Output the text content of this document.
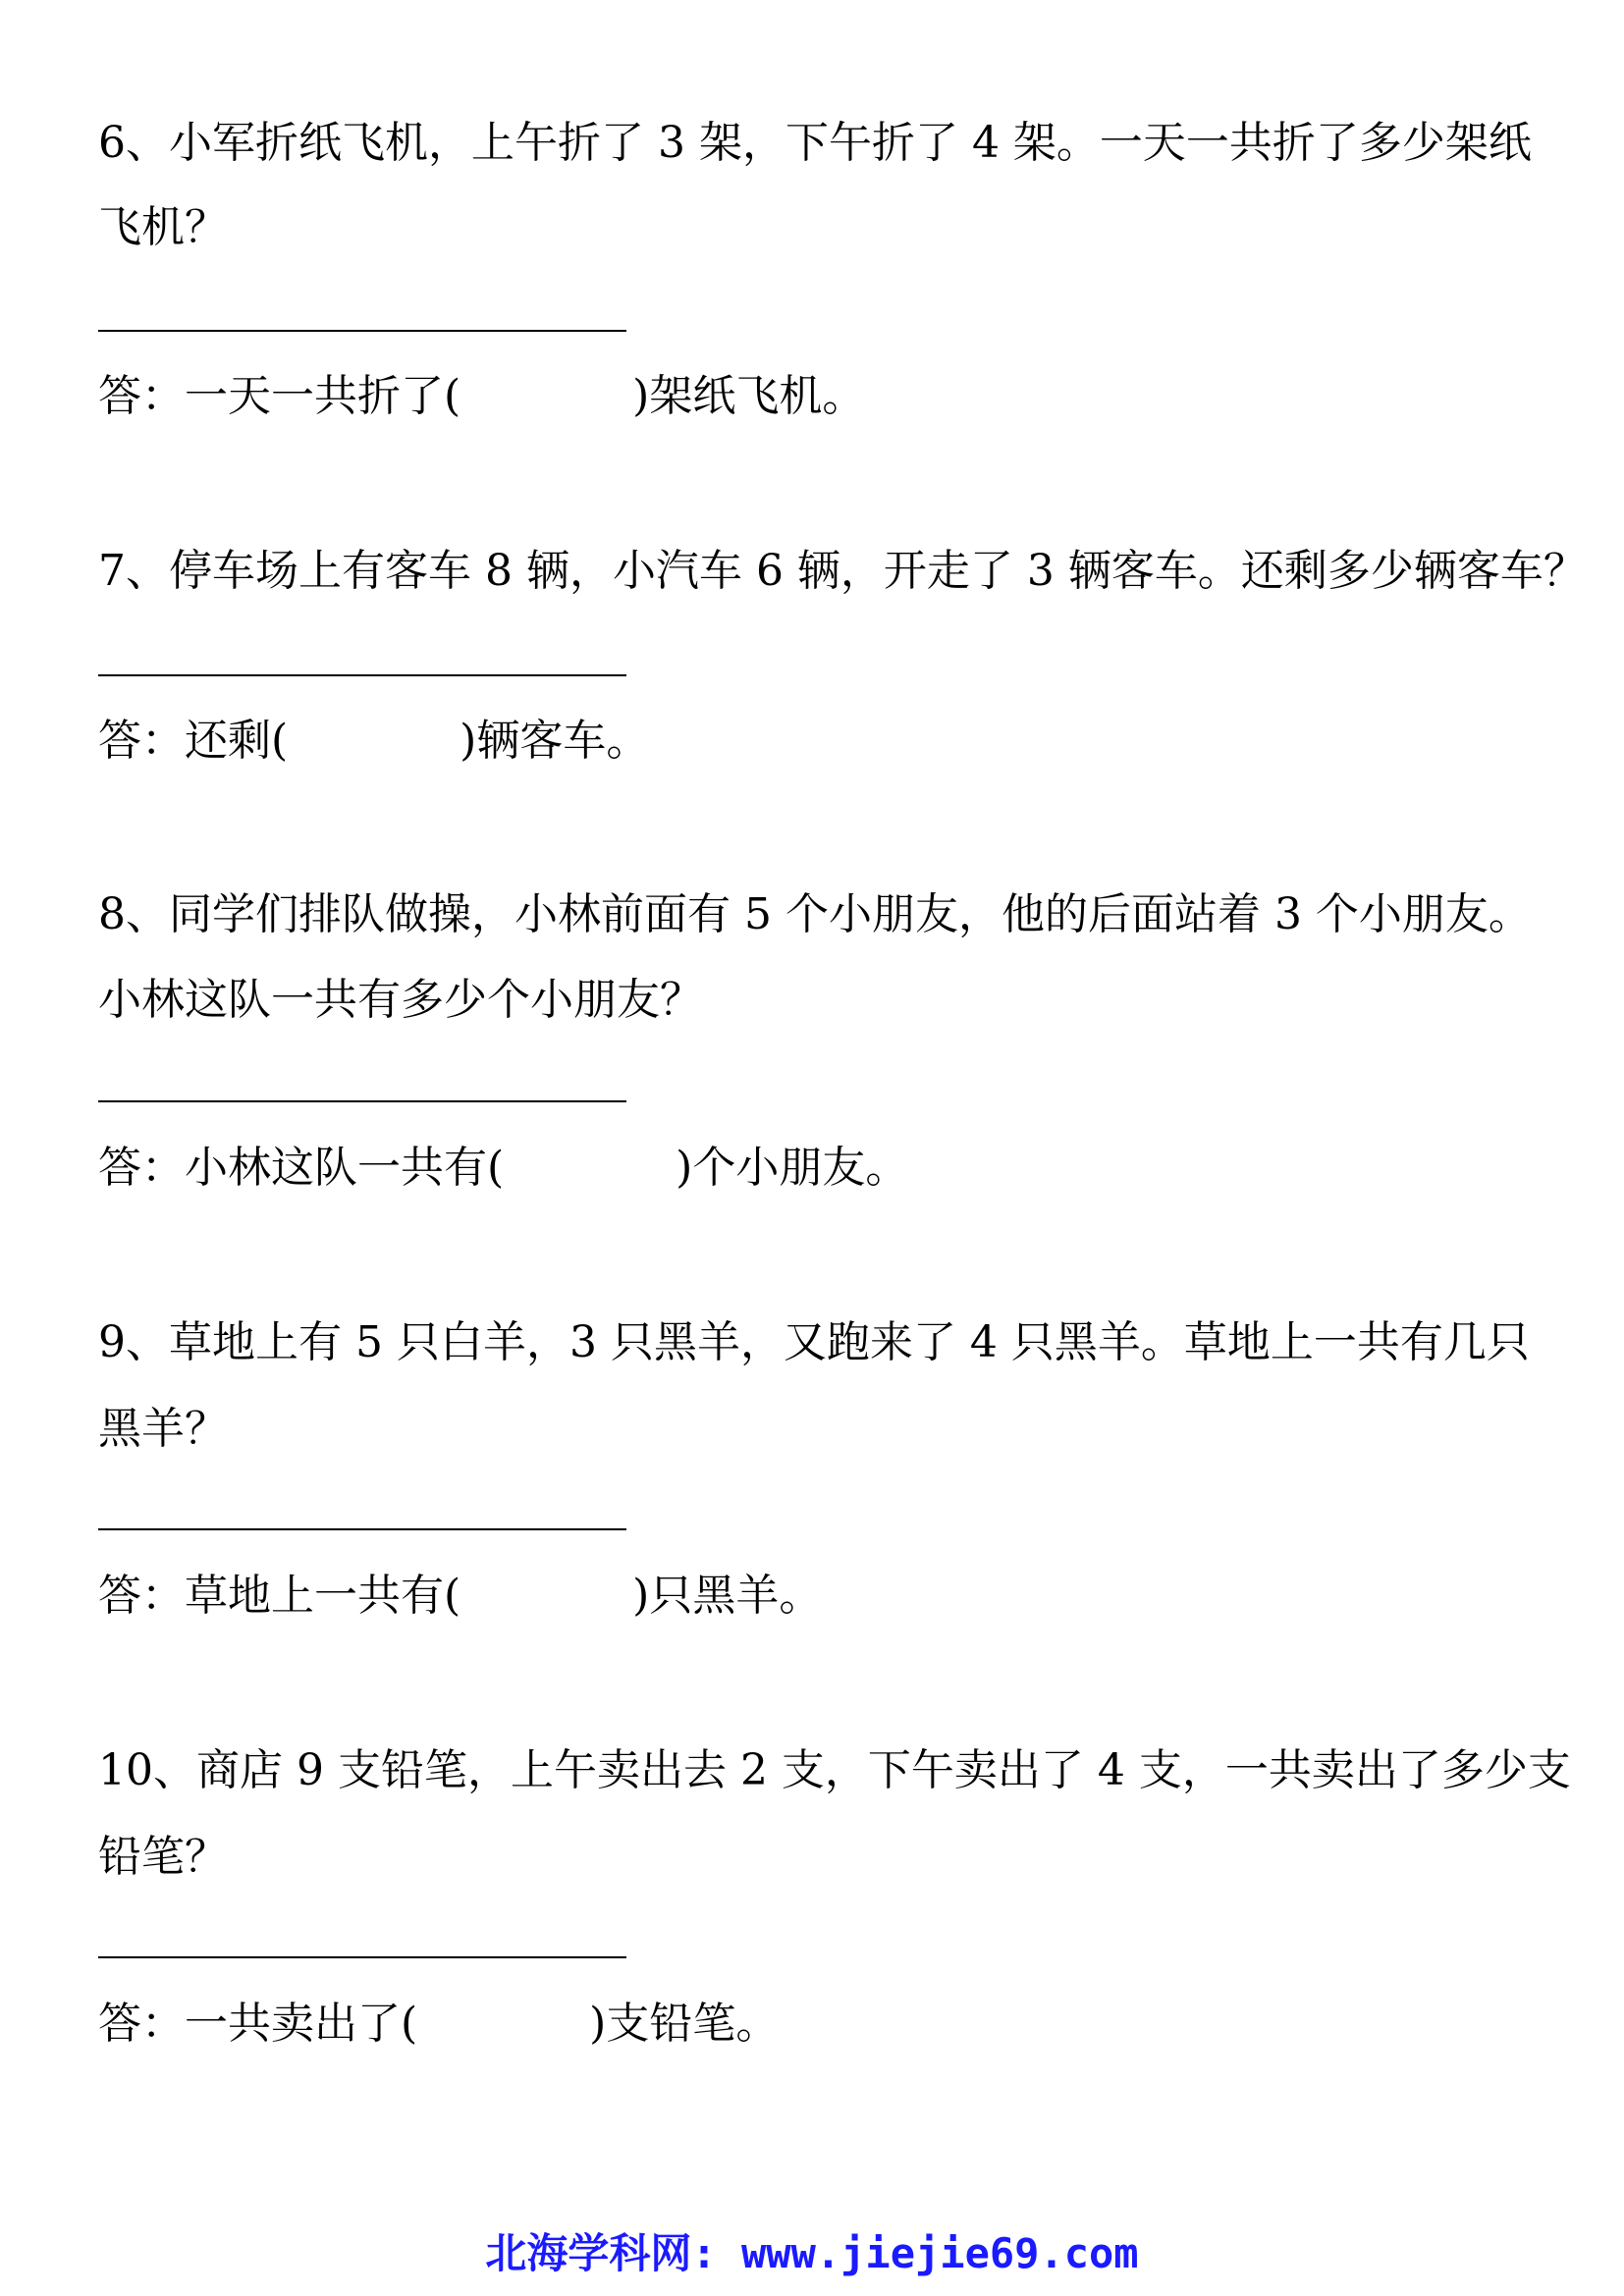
6、小军折纸飞机，上午折了 3 架，下午折了 4 架。一天一共折了多少架纸
飞机？
答：一天一共折了(	)架纸飞机。
7、停车场上有客车 8 辆，小汽车 6 辆，开走了 3 辆客车。还剩多少辆客车？
答：还剩(	)辆客车。
8、同学们排队做操，小林前面有 5 个小朋友，他的后面站着 3 个小朋友。
小林这队一共有多少个小朋友？
答：小林这队一共有(	)个小朋友。
9、草地上有 5 只白羊，3 只黑羊，又跑来了 4 只黑羊。草地上一共有几只
黑羊？
答：草地上一共有(	)只黑羊。
10、商店 9 支铅笔，上午卖出去 2 支，下午卖出了 4 支，一共卖出了多少支
铅笔？
答：一共卖出了(	)支铅笔。
北海学科网: www.jiejie69.com
